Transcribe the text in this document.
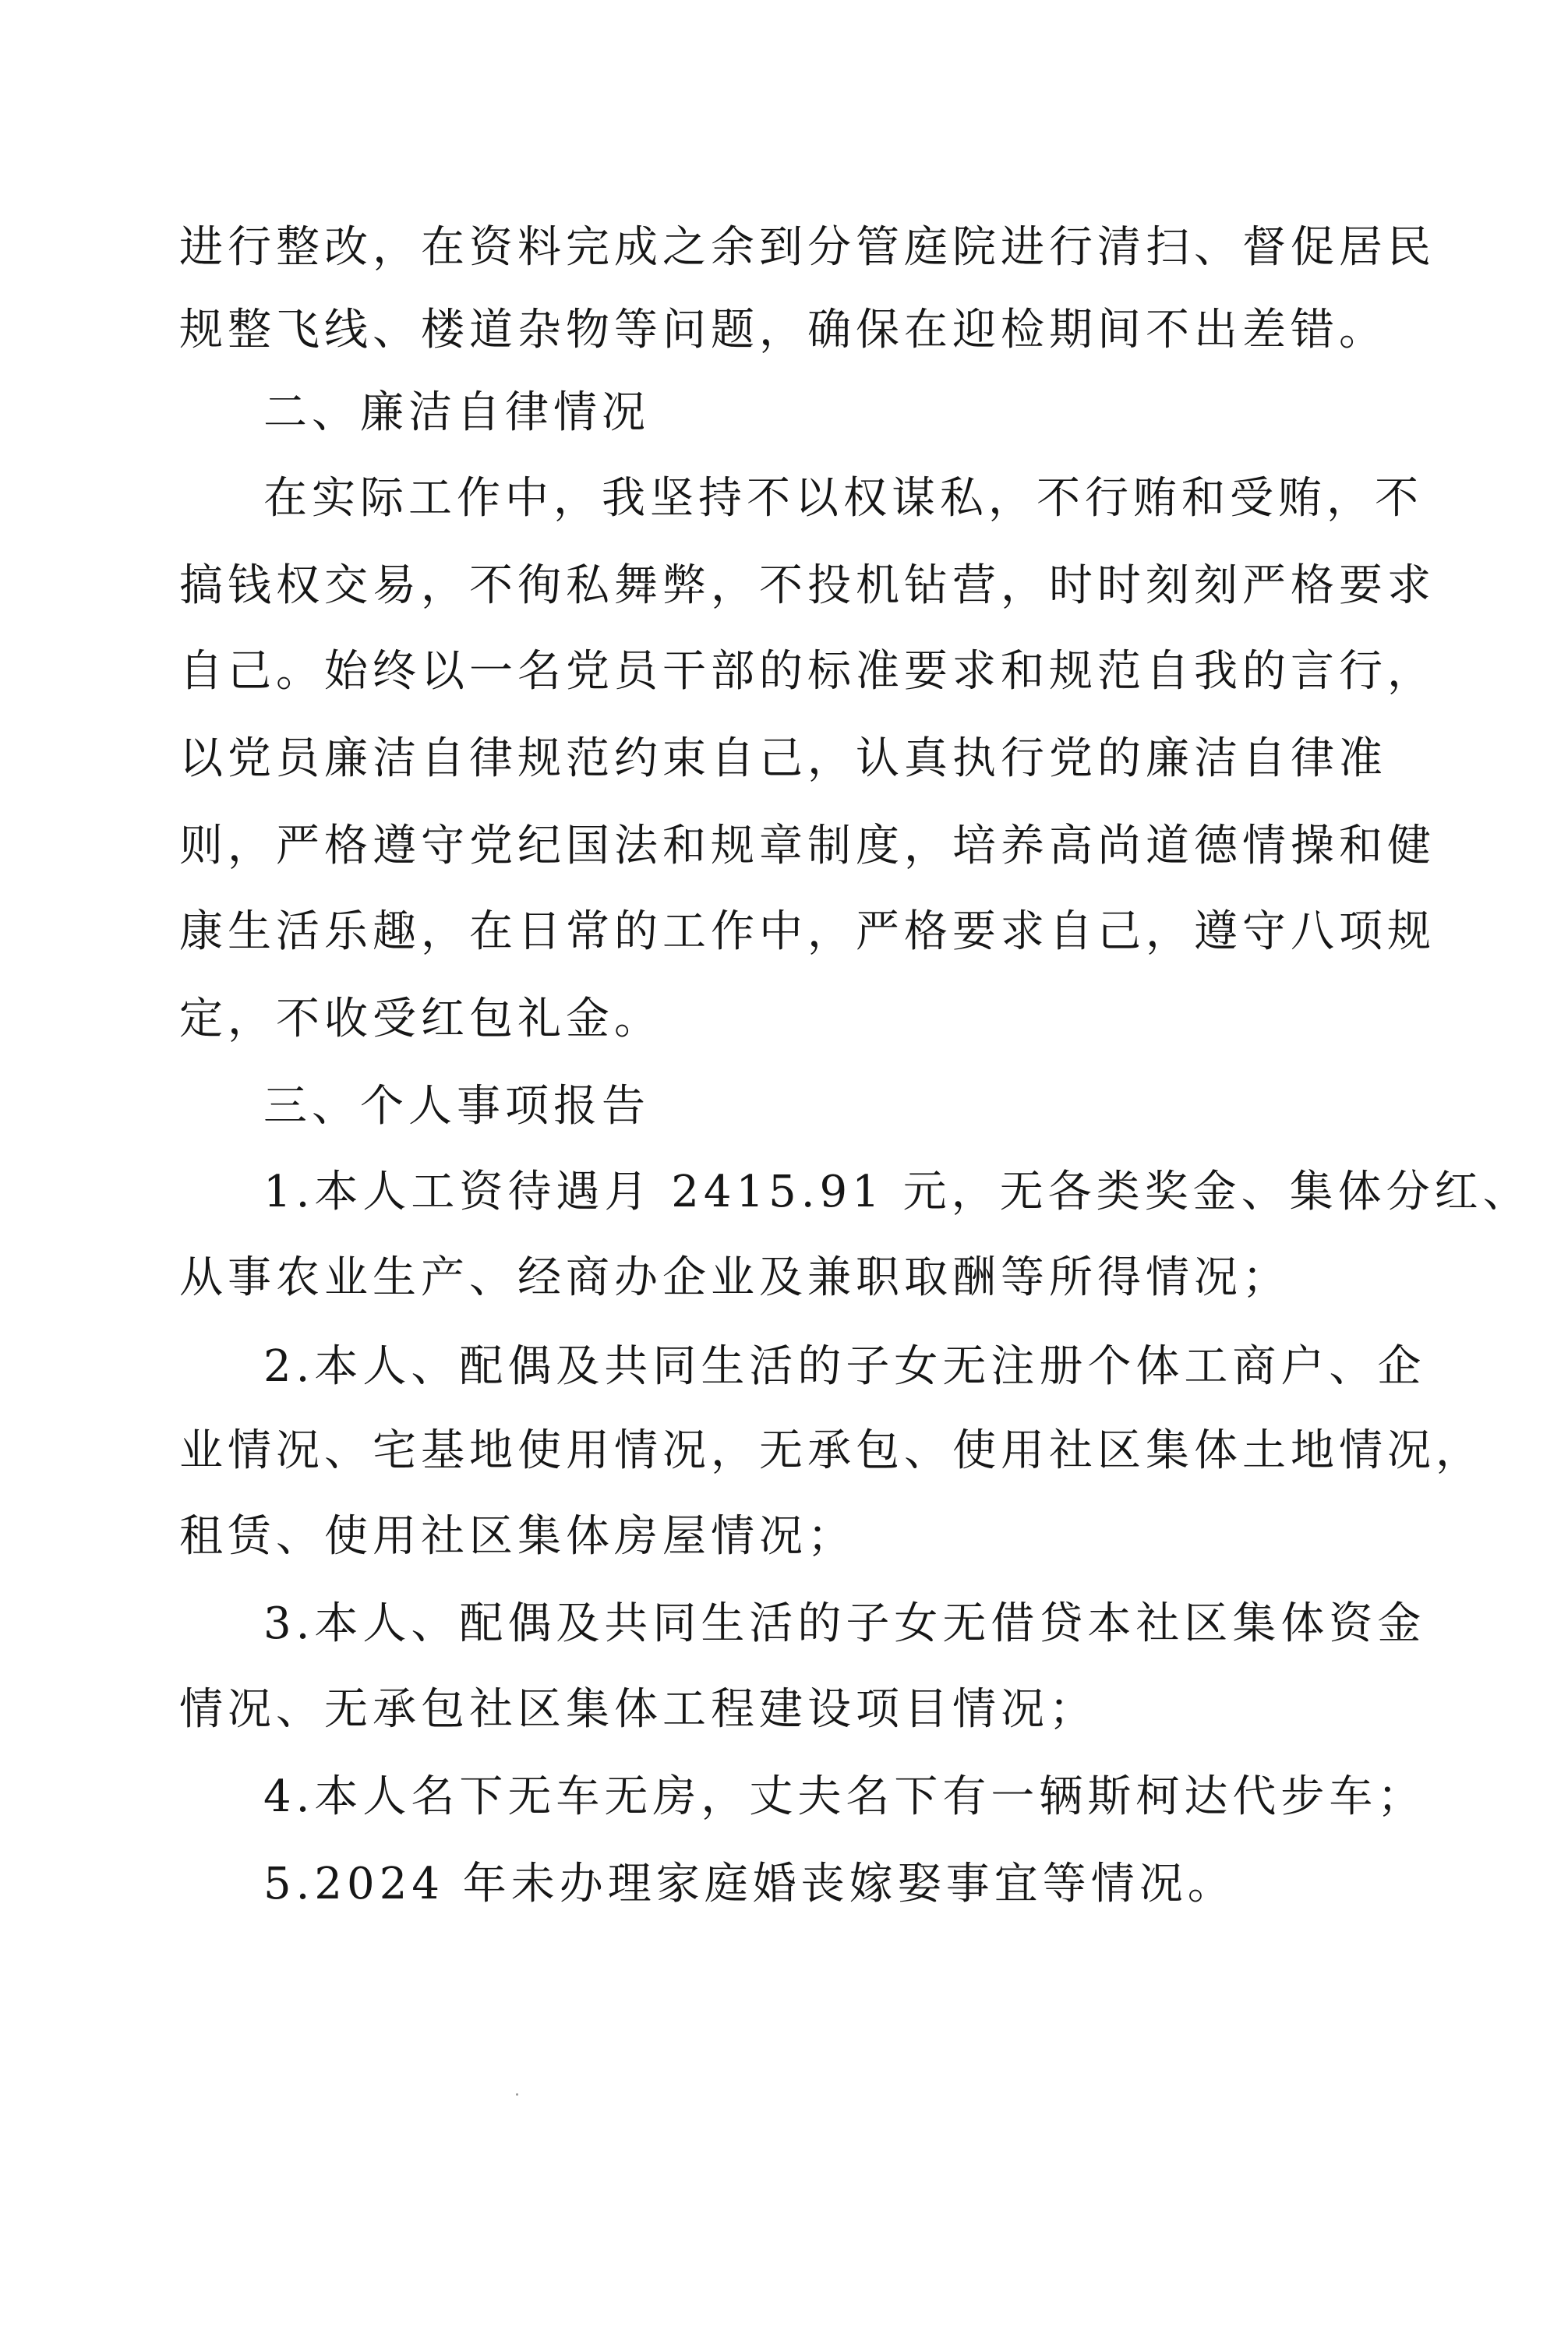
进行整改，在资料完成之余到分管庭院进行清扫、督促居民
规整飞线、楼道杂物等问题，确保在迎检期间不出差错。
二、廉洁自律情况
在实际工作中，我坚持不以权谋私，不行贿和受贿，不
搞钱权交易，不徇私舞弊，不投机钻营，时时刻刻严格要求
自己。始终以一名党员干部的标准要求和规范自我的言行，
以党员廉洁自律规范约束自己，认真执行党的廉洁自律准
则，严格遵守党纪国法和规章制度，培养高尚道德情操和健
康生活乐趣，在日常的工作中，严格要求自己，遵守八项规
定，不收受红包礼金。
三、个人事项报告
1.本人工资待遇月 2415.91 元，无各类奖金、集体分红、
从事农业生产、经商办企业及兼职取酬等所得情况；
2.本人、配偶及共同生活的子女无注册个体工商户、企
业情况、宅基地使用情况，无承包、使用社区集体土地情况，
租赁、使用社区集体房屋情况；
3.本人、配偶及共同生活的子女无借贷本社区集体资金
情况、无承包社区集体工程建设项目情况；
4.本人名下无车无房，丈夫名下有一辆斯柯达代步车；
5.2024 年未办理家庭婚丧嫁娶事宜等情况。
